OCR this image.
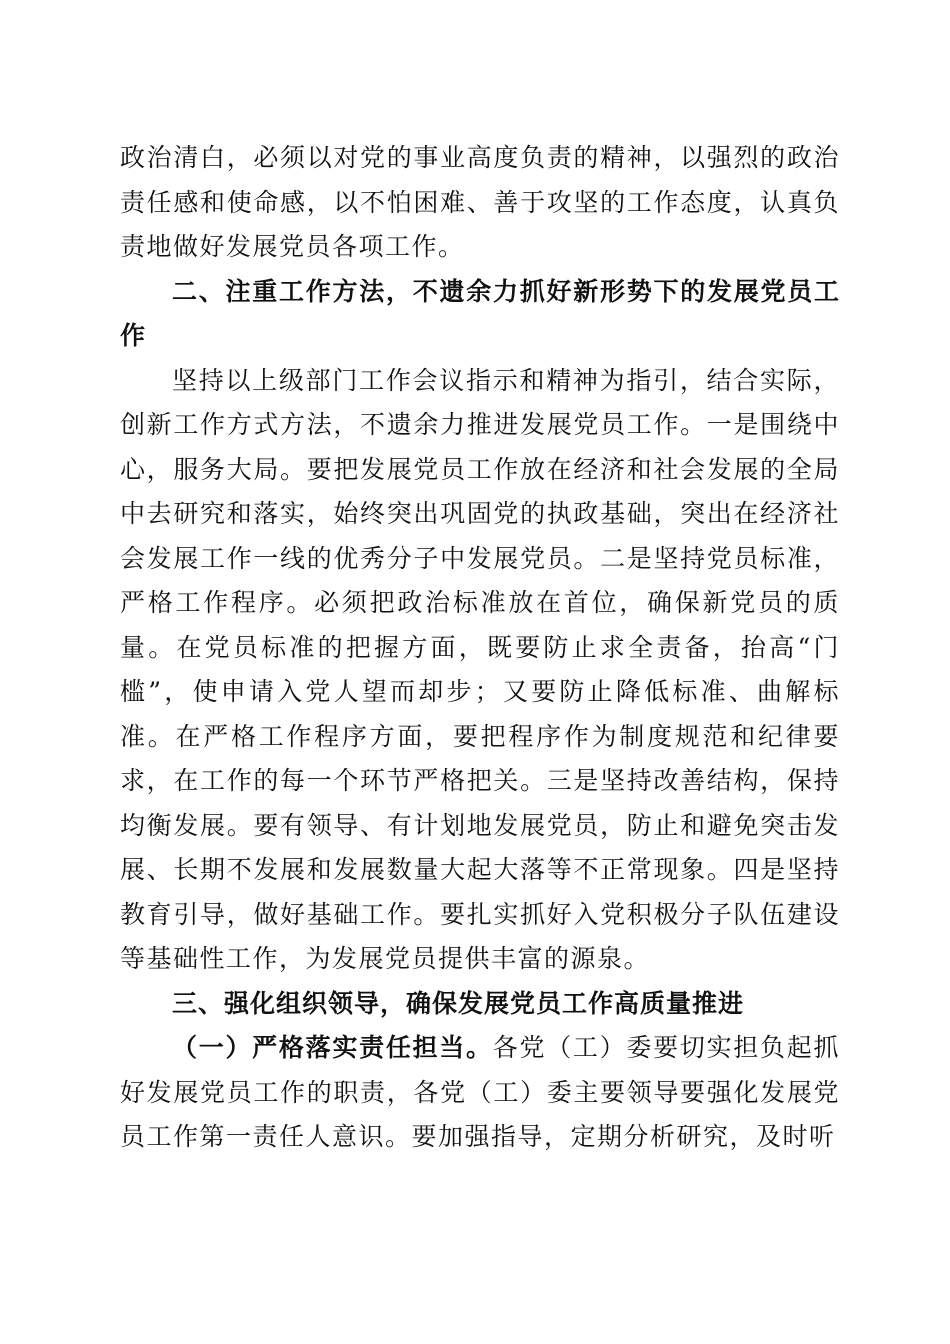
政治清白，必须以对党的事业高度负责的精神，以强烈的政治责任感和使命感，以不怕困难、善于攻坚的工作态度，认真负责地做好发展党员各项工作。

二、注重工作方法，不遗余力抓好新形势下的发展党员工作

坚持以上级部门工作会议指示和精神为指引，结合实际，创新工作方式方法，不遗余力推进发展党员工作。一是围绕中心，服务大局。要把发展党员工作放在经济和社会发展的全局中去研究和落实，始终突出巩固党的执政基础，突出在经济社会发展工作一线的优秀分子中发展党员。二是坚持党员标准，严格工作程序。必须把政治标准放在首位，确保新党员的质量。在党员标准的把握方面，既要防止求全责备，抬高“门槛”，使申请入党人望而却步；又要防止降低标准、曲解标准。在严格工作程序方面，要把程序作为制度规范和纪律要求，在工作的每一个环节严格把关。三是坚持改善结构，保持均衡发展。要有领导、有计划地发展党员，防止和避免突击发展、长期不发展和发展数量大起大落等不正常现象。四是坚持教育引导，做好基础工作。要扎实抓好入党积极分子队伍建设等基础性工作，为发展党员提供丰富的源泉。

三、强化组织领导，确保发展党员工作高质量推进

（一）严格落实责任担当。各党（工）委要切实担负起抓好发展党员工作的职责，各党（工）委主要领导要强化发展党员工作第一责任人意识。要加强指导，定期分析研究，及时听
